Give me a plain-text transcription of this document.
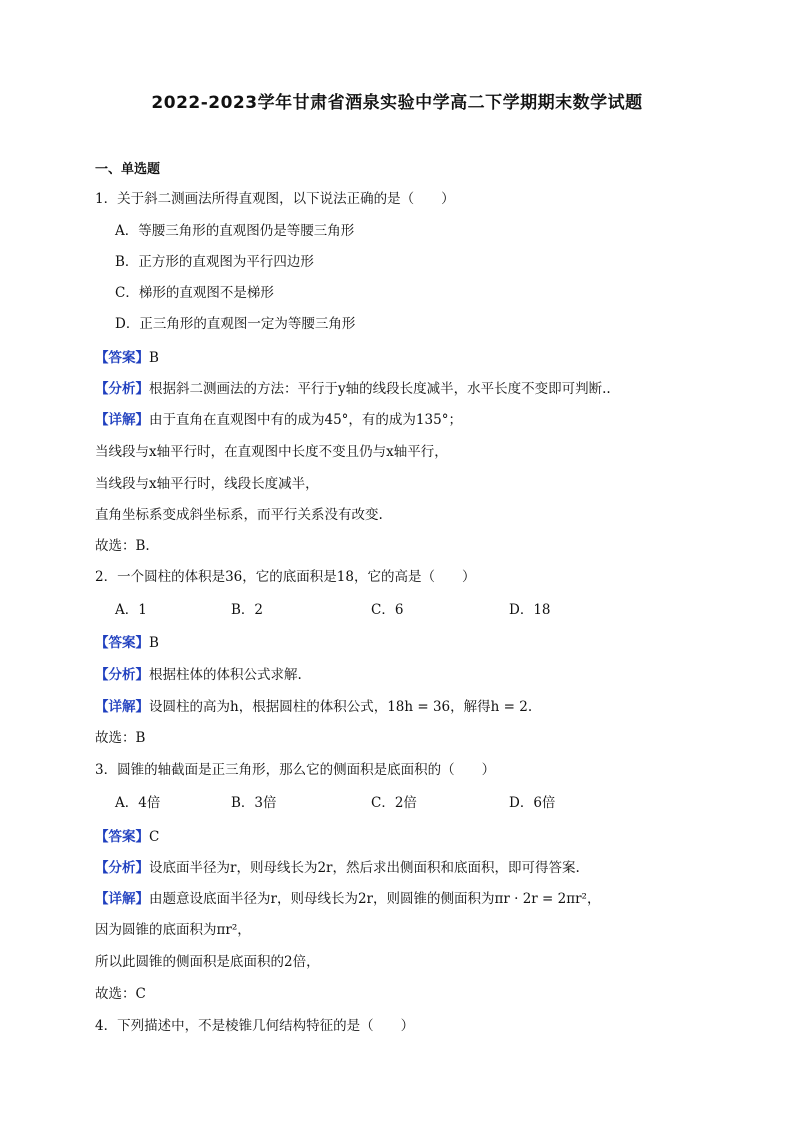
2022-2023学年甘肃省酒泉实验中学高二下学期期末数学试题
一、单选题
1．关于斜二测画法所得直观图，以下说法正确的是（　　）
A．等腰三角形的直观图仍是等腰三角形
B．正方形的直观图为平行四边形
C．梯形的直观图不是梯形
D．正三角形的直观图一定为等腰三角形
【答案】B
【分析】根据斜二测画法的方法：平行于y轴的线段长度减半，水平长度不变即可判断..
【详解】由于直角在直观图中有的成为45°，有的成为135°；
当线段与x轴平行时，在直观图中长度不变且仍与x轴平行，
当线段与x轴平行时，线段长度减半，
直角坐标系变成斜坐标系，而平行关系没有改变.
故选：B.
2．一个圆柱的体积是36，它的底面积是18，它的高是（　　）
A．1	B．2	C．6	D．18
【答案】B
【分析】根据柱体的体积公式求解.
【详解】设圆柱的高为h，根据圆柱的体积公式，18h = 36，解得h = 2.
故选：B
3．圆锥的轴截面是正三角形，那么它的侧面积是底面积的（　　）
A．4倍	B．3倍	C．2倍	D．6倍
【答案】C
【分析】设底面半径为r，则母线长为2r，然后求出侧面积和底面积，即可得答案.
【详解】由题意设底面半径为r，则母线长为2r，则圆锥的侧面积为πr · 2r = 2πr²，
因为圆锥的底面积为πr²，
所以此圆锥的侧面积是底面积的2倍，
故选：C
4．下列描述中，不是棱锥几何结构特征的是（　　）
